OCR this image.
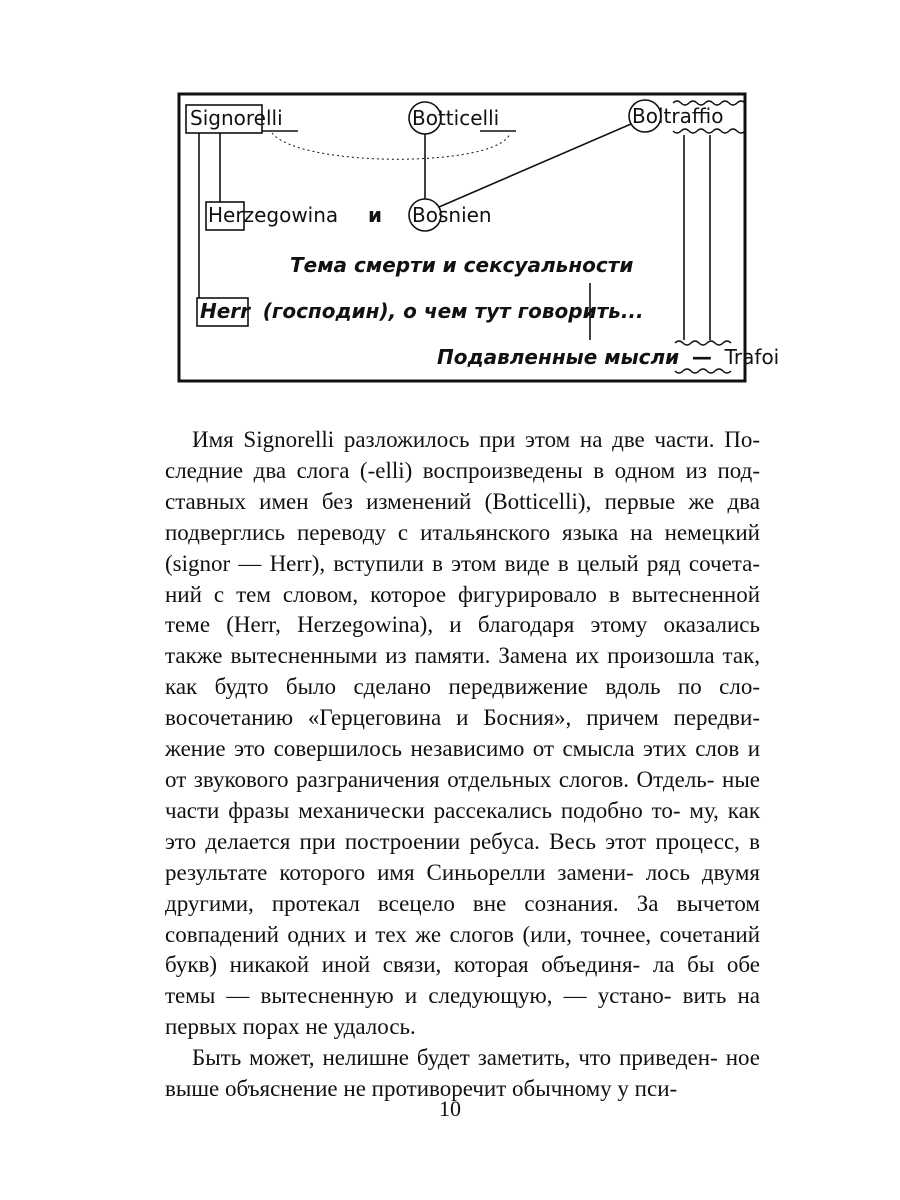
Signorelli	Botticelli	Boltraffio
Herzegowina и Bosnien
Тема смерти и сексуальности
Herr (господин), о чем тут говорить...
Подавленные мысли — Trafoi

Имя Signorelli разложилось при этом на две части. По- следние два слога (-elli) воспроизведены в одном из под- ставных имен без изменений (Botticelli), первые же два подверглись переводу с итальянского языка на немецкий (signor — Herr), вступили в этом виде в целый ряд сочета- ний с тем словом, которое фигурировало в вытесненной теме (Herr, Herzegowina), и благодаря этому оказались также вытесненными из памяти. Замена их произошла так, как будто было сделано передвижение вдоль по сло- восочетанию «Герцеговина и Босния», причем передви- жение это совершилось независимо от смысла этих слов и от звукового разграничения отдельных слогов. Отдель- ные части фразы механически рассекались подобно то- му, как это делается при построении ребуса. Весь этот процесс, в результате которого имя Синьорелли замени- лось двумя другими, протекал всецело вне сознания. За вычетом совпадений одних и тех же слогов (или, точнее, сочетаний букв) никакой иной связи, которая объединя- ла бы обе темы — вытесненную и следующую, — устано- вить на первых порах не удалось.

Быть может, нелишне будет заметить, что приведен- ное выше объяснение не противоречит обычному у пси-

10
